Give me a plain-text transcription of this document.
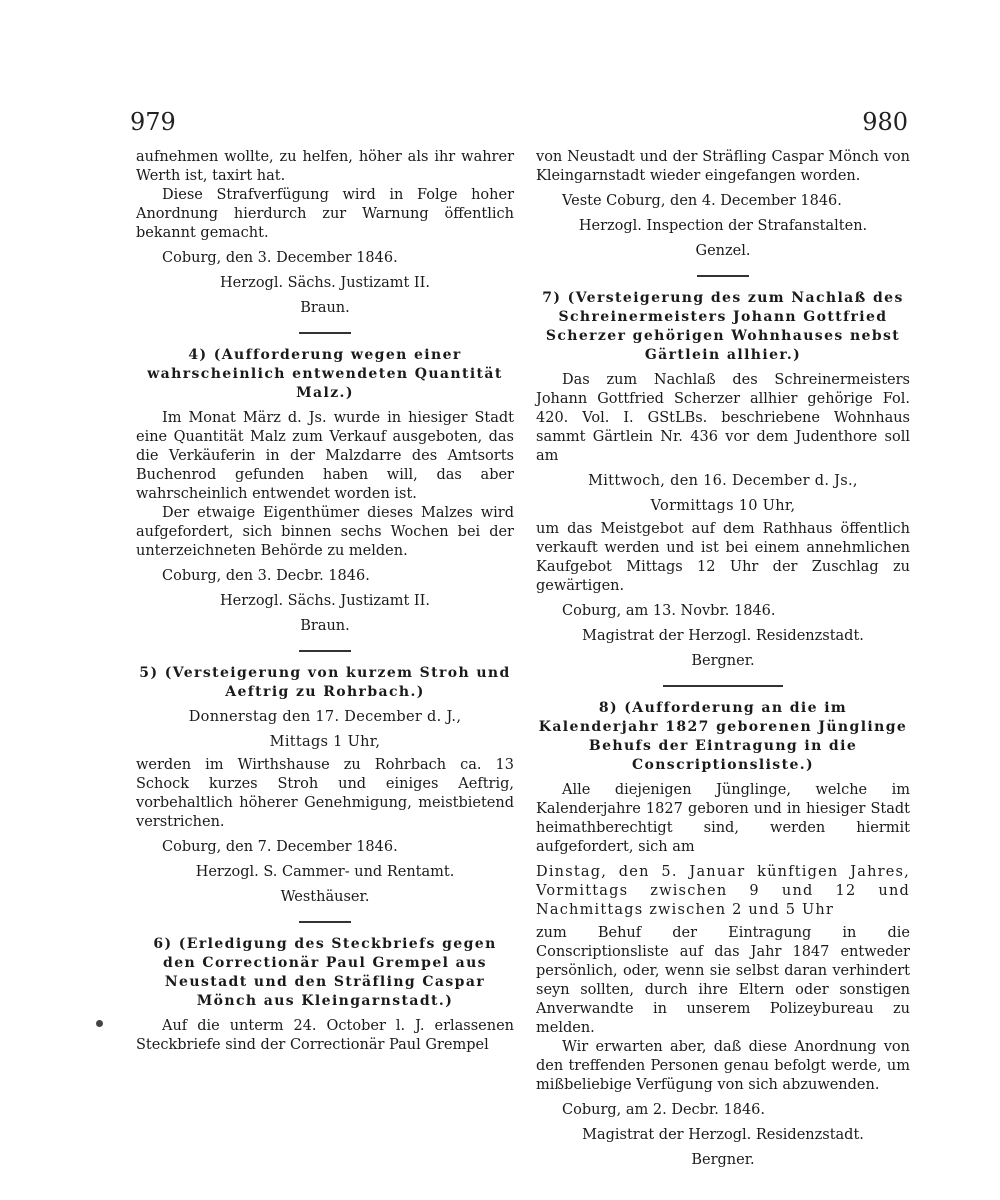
979	980

aufnehmen wollte, zu helfen, höher als ihr wahrer Werth ist, taxirt hat.

Diese Strafverfügung wird in Folge hoher Anordnung hierdurch zur Warnung öffentlich bekannt gemacht.

Coburg, den 3. December 1846.

Herzogl. Sächs. Justizamt II.

Braun.

4) (Aufforderung wegen einer wahrscheinlich entwendeten Quantität Malz.)

Im Monat März d. Js. wurde in hiesiger Stadt eine Quantität Malz zum Verkauf ausgeboten, das die Verkäuferin in der Malzdarre des Amtsorts Buchenrod gefunden haben will, das aber wahrscheinlich entwendet worden ist.

Der etwaige Eigenthümer dieses Malzes wird aufgefordert, sich binnen sechs Wochen bei der unterzeichneten Behörde zu melden.

Coburg, den 3. Decbr. 1846.

Herzogl. Sächs. Justizamt II.

Braun.

5) (Versteigerung von kurzem Stroh und Aeftrig zu Rohrbach.)

Donnerstag den 17. December d. J.,

Mittags 1 Uhr,

werden im Wirthshause zu Rohrbach ca. 13 Schock kurzes Stroh und einiges Aeftrig, vorbehaltlich höherer Genehmigung, meistbietend verstrichen.

Coburg, den 7. December 1846.

Herzogl. S. Cammer- und Rentamt.

Westhäuser.

6) (Erledigung des Steckbriefs gegen den Correctionär Paul Grempel aus Neustadt und den Sträfling Caspar Mönch aus Kleingarnstadt.)

Auf die unterm 24. October l. J. erlassenen Steckbriefe sind der Correctionär Paul Grempel

von Neustadt und der Sträfling Caspar Mönch von Kleingarnstadt wieder eingefangen worden.

Veste Coburg, den 4. December 1846.

Herzogl. Inspection der Strafanstalten.

Genzel.

7) (Versteigerung des zum Nachlaß des Schreinermeisters Johann Gottfried Scherzer gehörigen Wohnhauses nebst Gärtlein allhier.)

Das zum Nachlaß des Schreinermeisters Johann Gottfried Scherzer allhier gehörige Fol. 420. Vol. I. GStLBs. beschriebene Wohnhaus sammt Gärtlein Nr. 436 vor dem Judenthore soll am

Mittwoch, den 16. December d. Js.,

Vormittags 10 Uhr,

um das Meistgebot auf dem Rathhaus öffentlich verkauft werden und ist bei einem annehmlichen Kaufgebot Mittags 12 Uhr der Zuschlag zu gewärtigen.

Coburg, am 13. Novbr. 1846.

Magistrat der Herzogl. Residenzstadt.

Bergner.

8) (Aufforderung an die im Kalenderjahr 1827 geborenen Jünglinge Behufs der Eintragung in die Conscriptionsliste.)

Alle diejenigen Jünglinge, welche im Kalenderjahre 1827 geboren und in hiesiger Stadt heimathberechtigt sind, werden hiermit aufgefordert, sich am

Dinstag, den 5. Januar künftigen Jahres, Vormittags zwischen 9 und 12 und Nachmittags zwischen 2 und 5 Uhr

zum Behuf der Eintragung in die Conscriptionsliste auf das Jahr 1847 entweder persönlich, oder, wenn sie selbst daran verhindert seyn sollten, durch ihre Eltern oder sonstigen Anverwandte in unserem Polizeybureau zu melden.

Wir erwarten aber, daß diese Anordnung von den treffenden Personen genau befolgt werde, um mißbeliebige Verfügung von sich abzuwenden.

Coburg, am 2. Decbr. 1846.

Magistrat der Herzogl. Residenzstadt.

Bergner.
